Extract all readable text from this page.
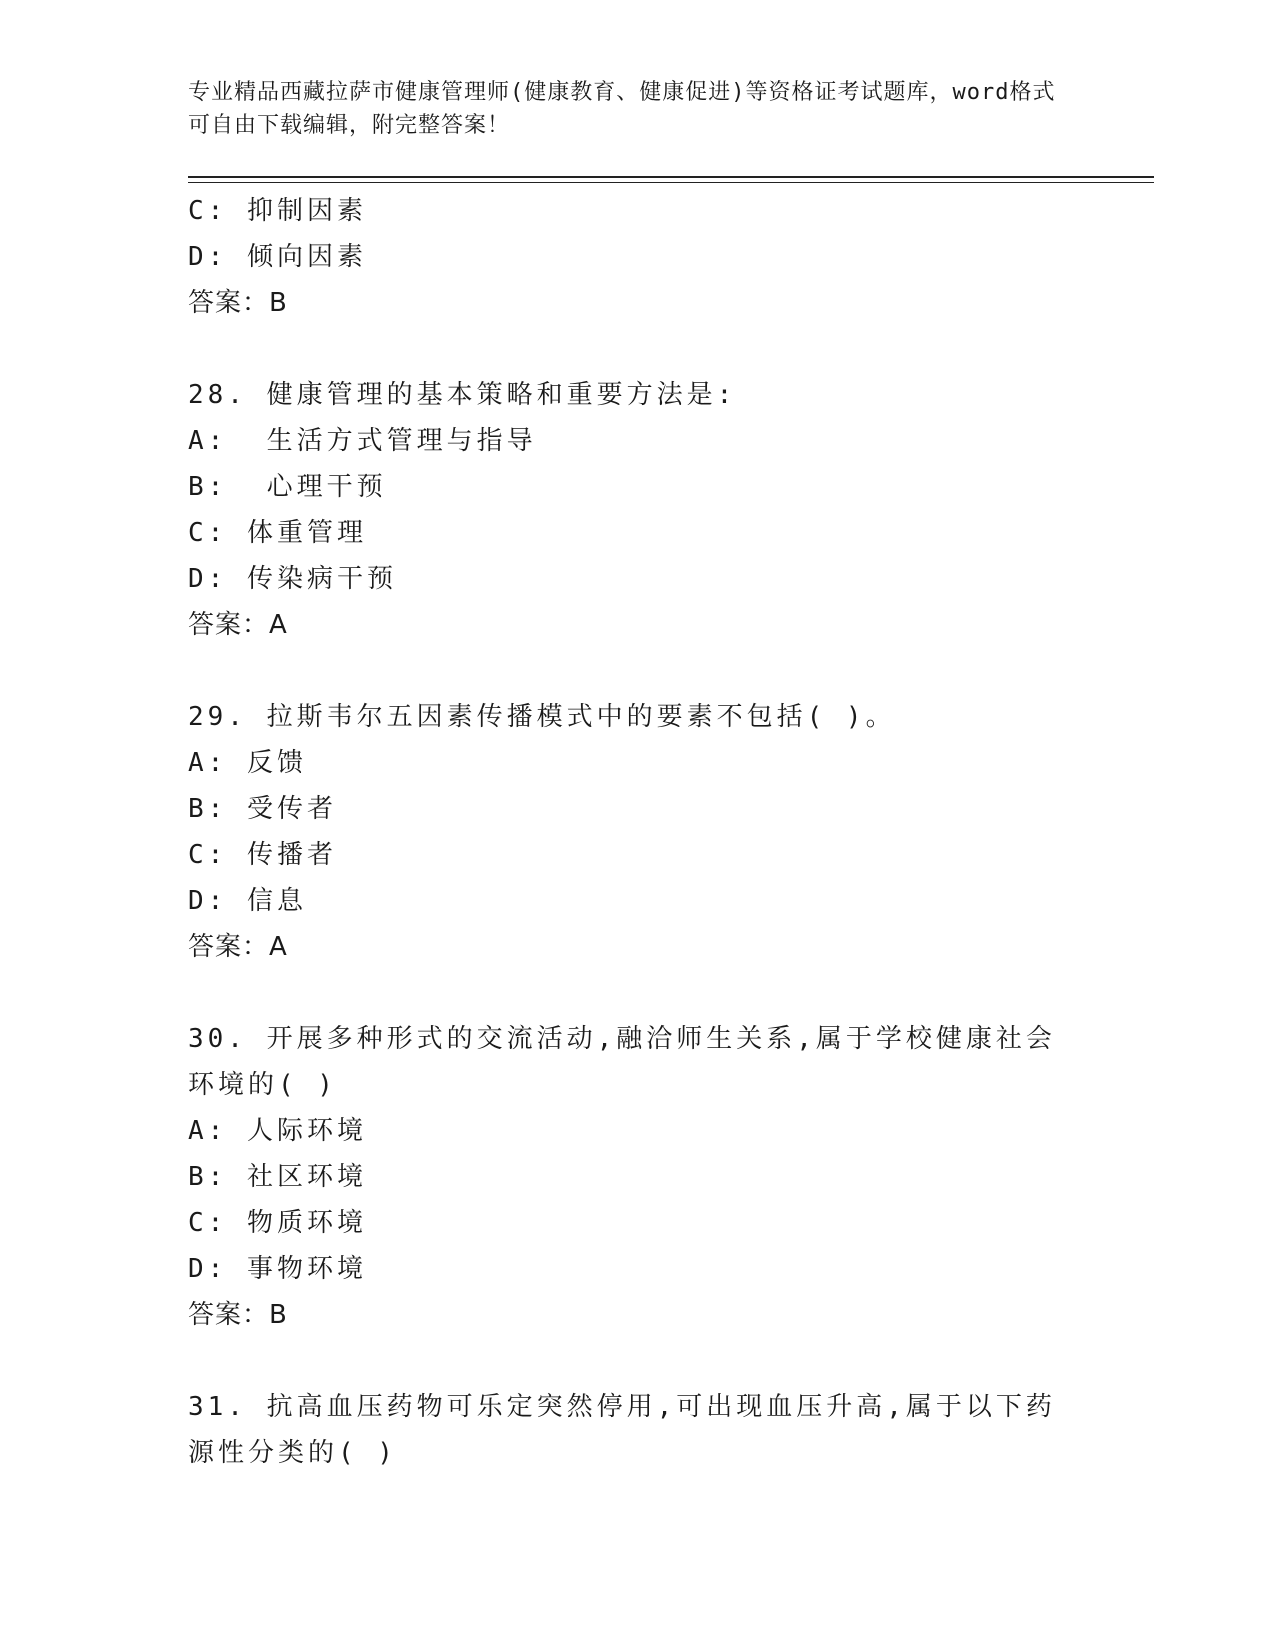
专业精品西藏拉萨市健康管理师(健康教育、健康促进)等资格证考试题库，word格式可自由下载编辑，附完整答案！
C: 抑制因素
D: 倾向因素
答案：B
28. 健康管理的基本策略和重要方法是:
A:  生活方式管理与指导
B:  心理干预
C: 体重管理
D: 传染病干预
答案：A
29. 拉斯韦尔五因素传播模式中的要素不包括( )。
A: 反馈
B: 受传者
C: 传播者
D: 信息
答案：A
30. 开展多种形式的交流活动,融洽师生关系,属于学校健康社会环境的( )
A: 人际环境
B: 社区环境
C: 物质环境
D: 事物环境
答案：B
31. 抗高血压药物可乐定突然停用,可出现血压升高,属于以下药源性分类的( )
